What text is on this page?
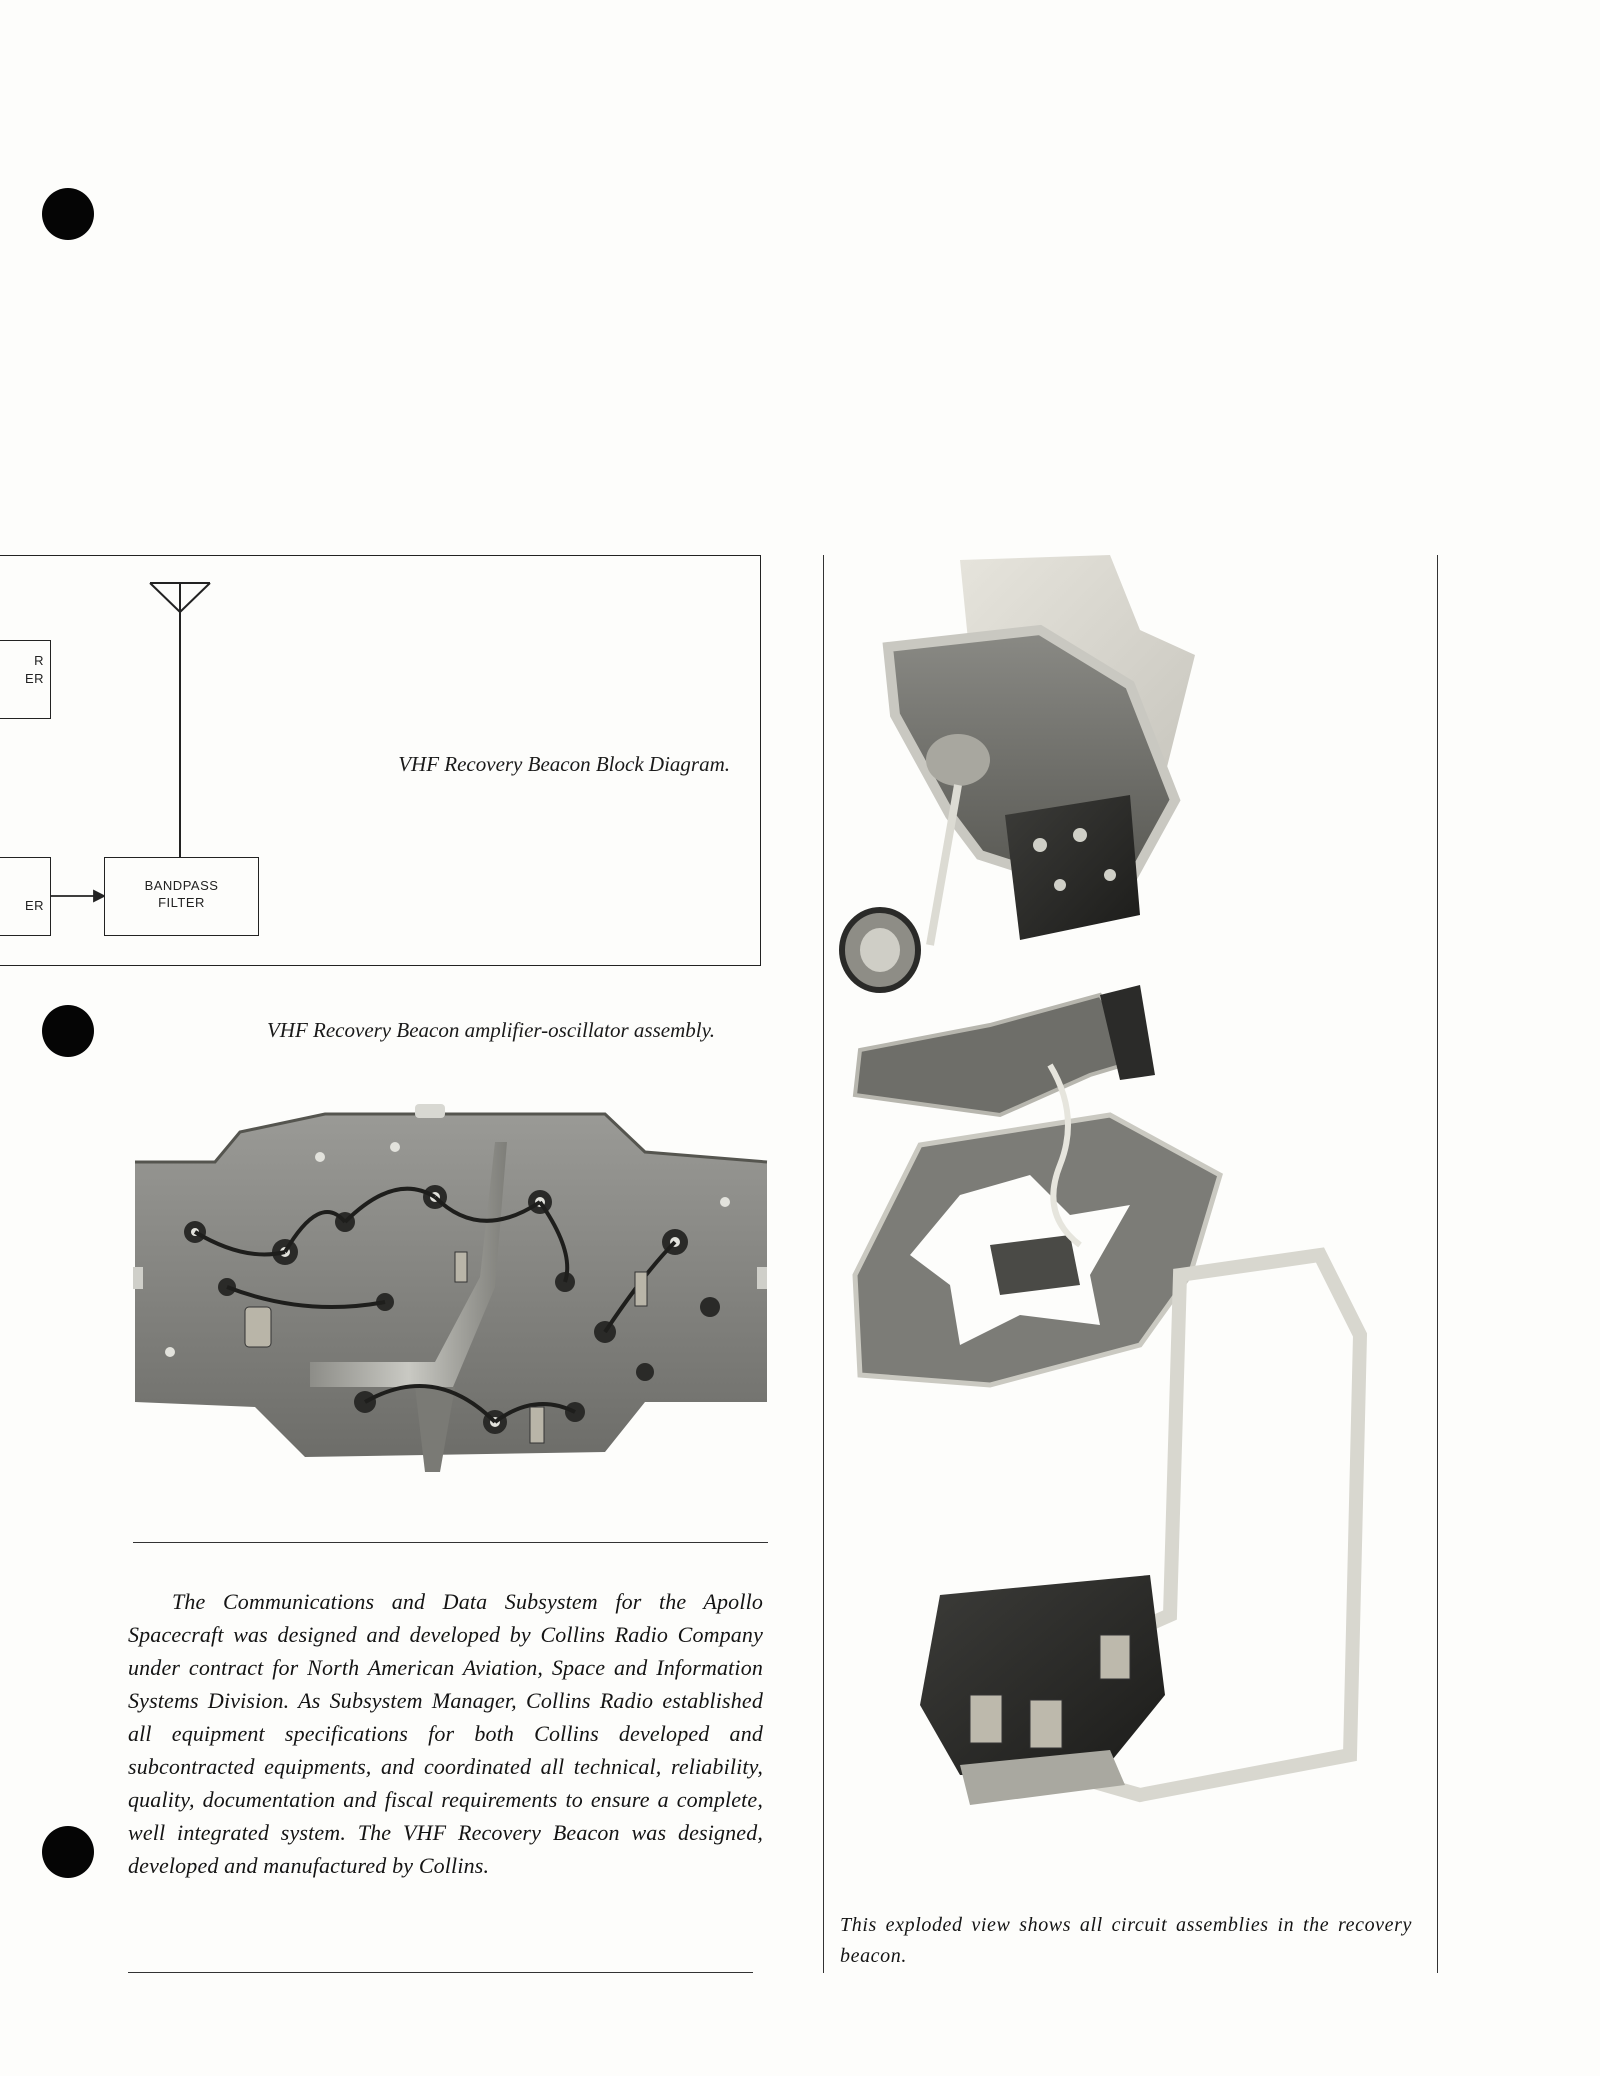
R
ER
ER
BANDPASS
FILTER
VHF Recovery Beacon Block Diagram.
VHF Recovery Beacon amplifier-oscillator assembly.
The Communications and Data Subsystem for the Apollo Spacecraft was designed and developed by Collins Radio Company under contract for North American Aviation, Space and Information Systems Division. As Subsystem Manager, Collins Radio established all equipment specifications for both Collins developed and subcontracted equipments, and coordinated all technical, reliability, quality, documentation and fiscal requirements to ensure a complete, well integrated system. The VHF Recovery Beacon was designed, developed and manufactured by Collins.
This exploded view shows all circuit assemblies in the recovery beacon.
